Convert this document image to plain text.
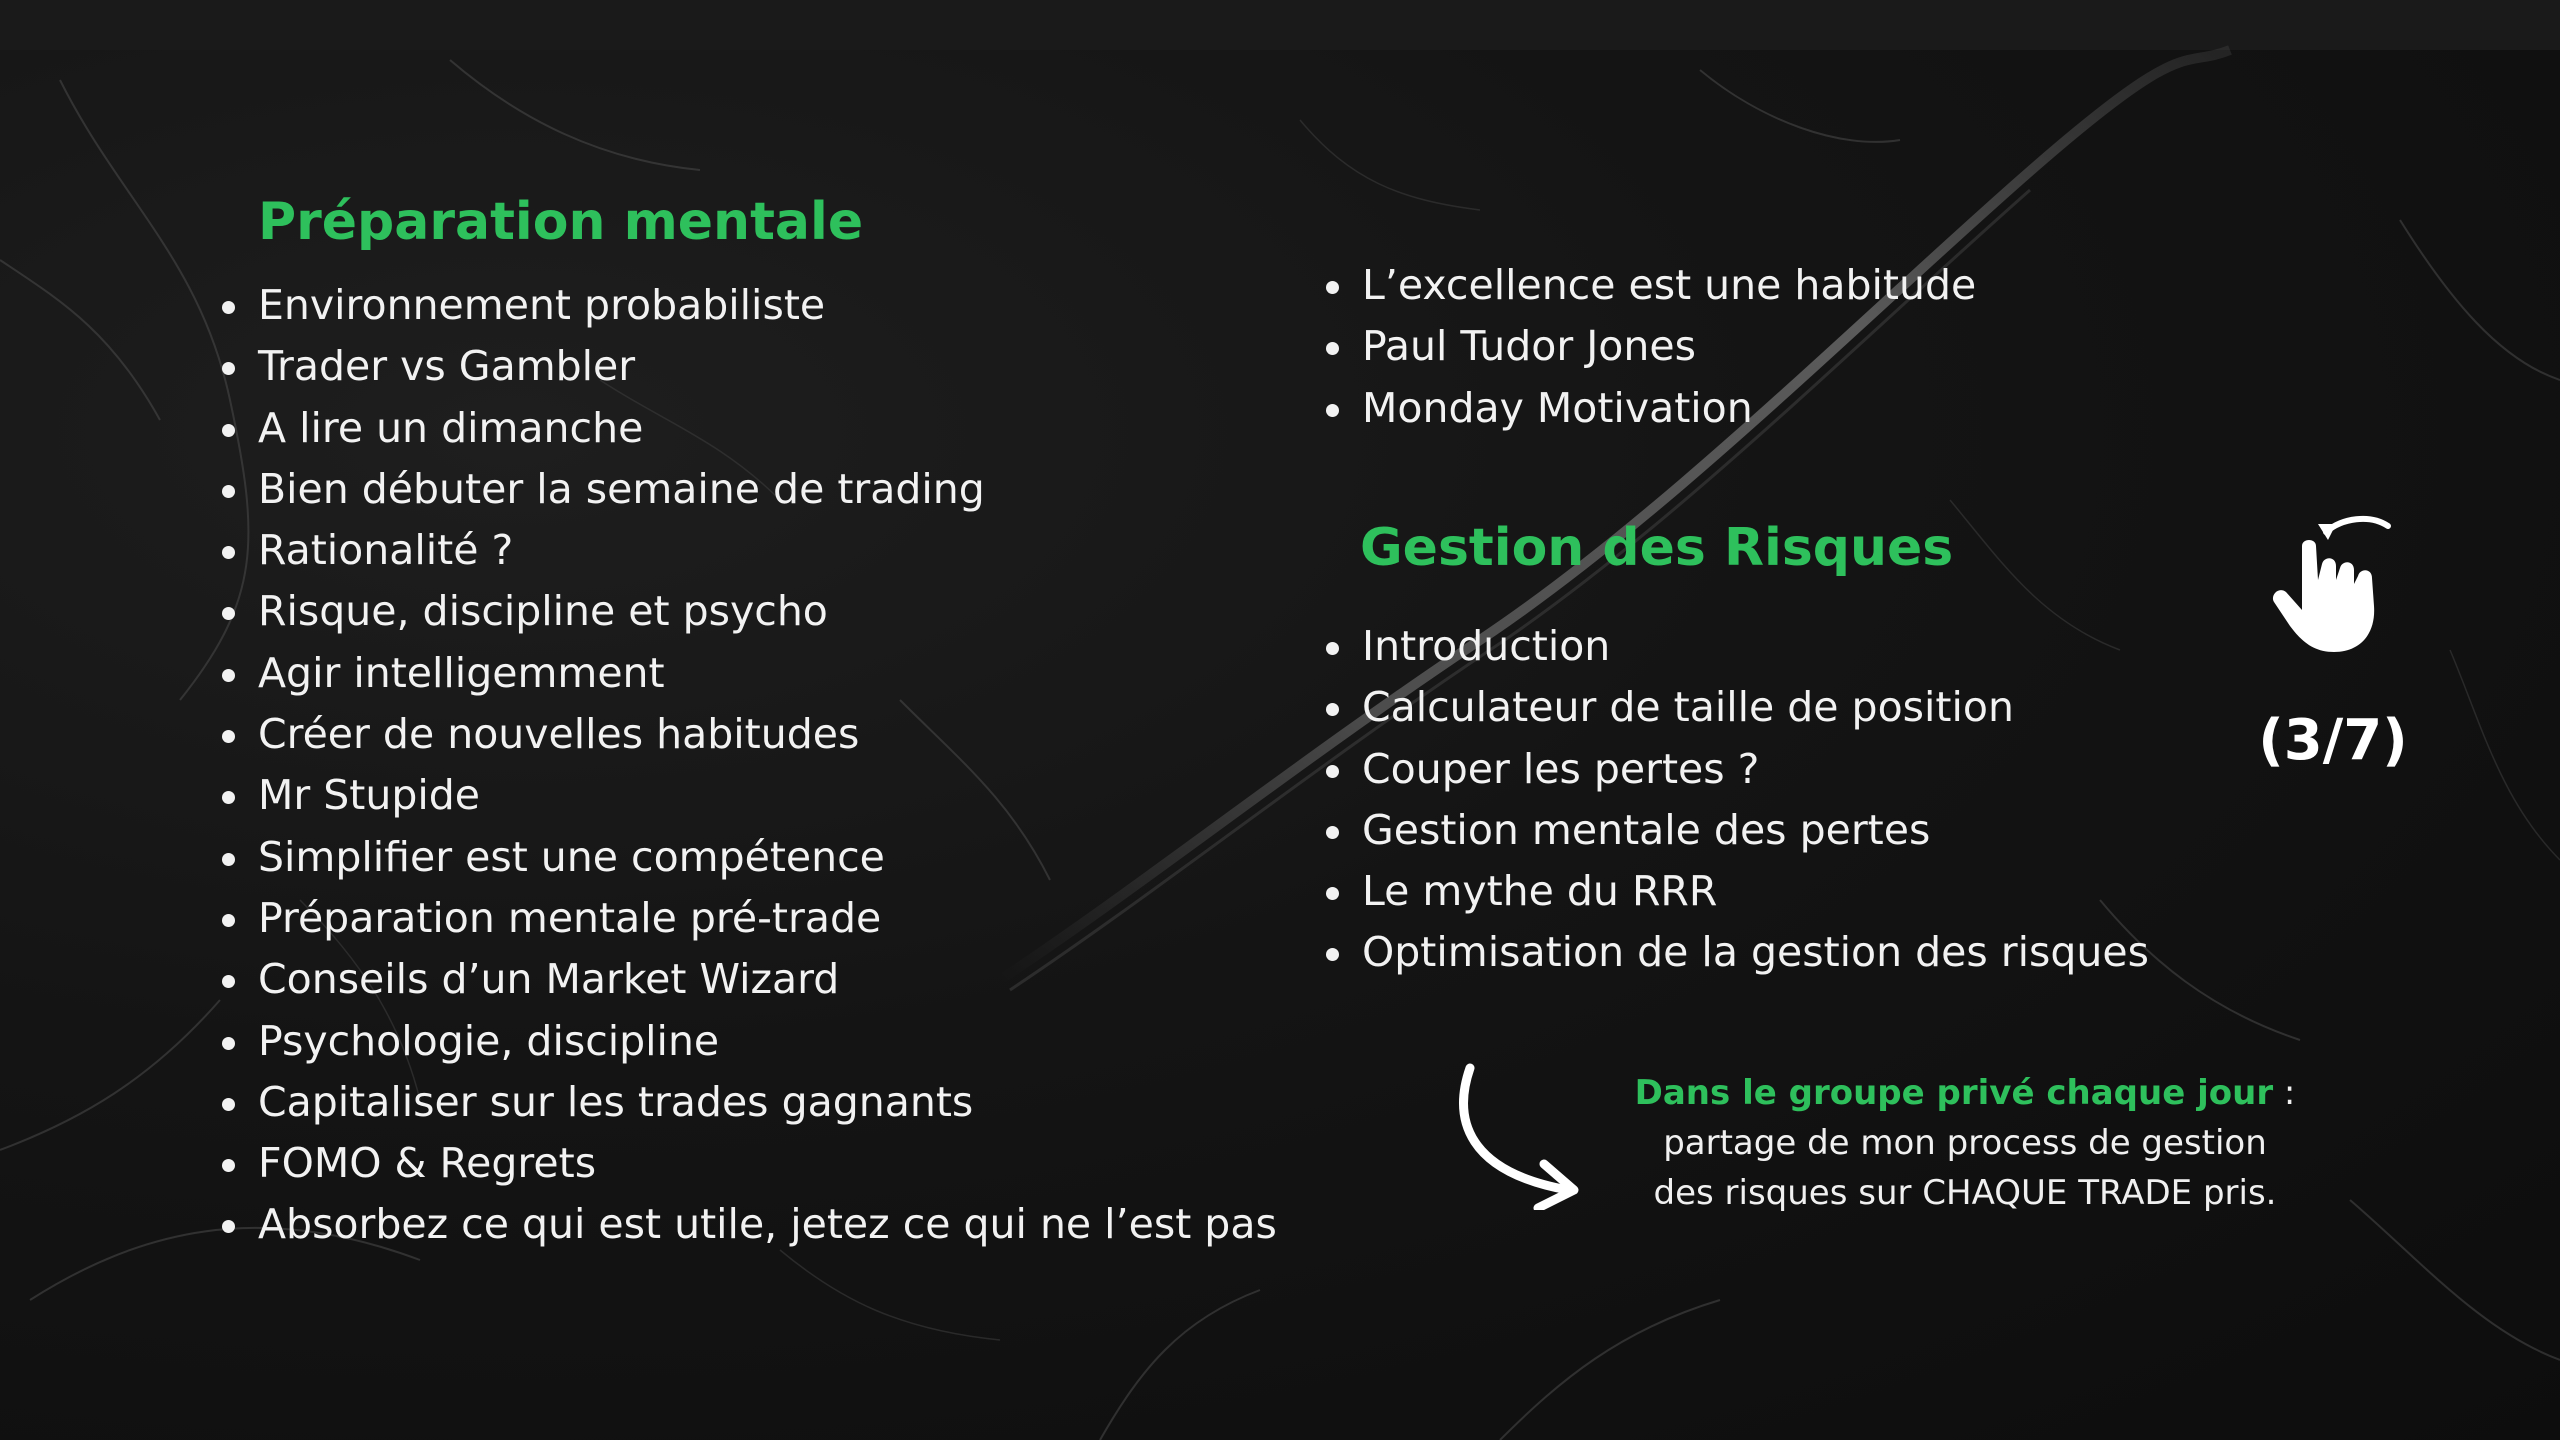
Préparation mentale
Environnement probabiliste
Trader vs Gambler
A lire un dimanche
Bien débuter la semaine de trading
Rationalité ?
Risque, discipline et psycho
Agir intelligemment
Créer de nouvelles habitudes
Mr Stupide
Simplifier est une compétence
Préparation mentale pré-trade
Conseils d’un Market Wizard
Psychologie, discipline
Capitaliser sur les trades gagnants
FOMO & Regrets
Absorbez ce qui est utile, jetez ce qui ne l’est pas
L’excellence est une habitude
Paul Tudor Jones
Monday Motivation
Gestion des Risques
Introduction
Calculateur de taille de position
Couper les pertes ?
Gestion mentale des pertes
Le mythe du RRR
Optimisation de la gestion des risques
(3/7)
Dans le groupe privé chaque jour :
partage de mon process de gestion
des risques sur CHAQUE TRADE pris.
